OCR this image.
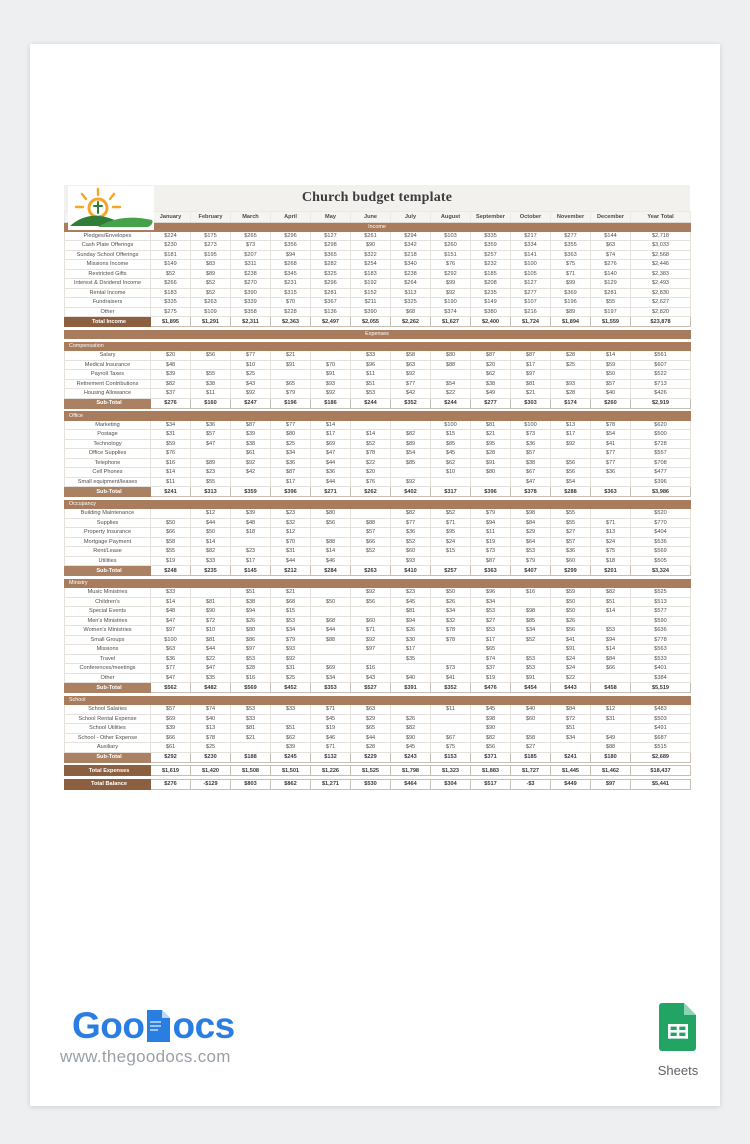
Church budget template
	January	February	March	April	May	June	July	August	September	October	November	December	Year Total
Income													
Pledges/Envelopes	$224	$175	$265	$296	$127	$261	$294	$103	$335	$217	$277	$144	$2,718
Cash Plate Offerings	$230	$273	$73	$356	$298	$90	$342	$260	$359	$334	$355	$63	$3,033
Sunday School Offerings	$181	$195	$207	$94	$365	$322	$218	$151	$257	$141	$363	$74	$2,568
Missions Income	$149	$83	$311	$268	$282	$254	$340	$76	$232	$100	$75	$276	$2,446
Restricted Gifts	$52	$89	$238	$345	$325	$183	$238	$292	$185	$105	$71	$140	$2,383
Interest & Dividend Income	$266	$52	$270	$231	$296	$192	$264	$99	$208	$127	$99	$129	$2,493
Rental Income	$183	$52	$390	$315	$281	$152	$113	$92	$235	$277	$369	$281	$2,830
Fundraisers	$335	$263	$339	$70	$367	$211	$325	$190	$149	$107	$196	$55	$2,627
Other	$275	$109	$358	$228	$136	$390	$68	$374	$380	$216	$89	$197	$2,820
Total Income	$1,895	$1,291	$2,311	$2,363	$2,497	$2,055	$2,262	$1,627	$2,400	$1,724	$1,894	$1,559	$23,878

Expenses													

Compensation													
Salary	$20	$56	$77	$21		$33	$58	$80	$87	$87	$28	$14	$561
Medical Insurance	$48		$10	$91	$70	$96	$63	$88	$20	$17	$25	$59	$607
Payroll Taxes	$39	$55	$25		$91	$11	$92		$62	$97		$50	$522
Retirement Contributions	$82	$38	$43	$65	$93	$51	$77	$54	$38	$81	$93	$57	$713
Housing Allowance	$37	$11	$92	$79	$92	$53	$42	$22	$49	$21	$28	$40	$426
Sub-Total	$276	$160	$247	$196	$186	$244	$352	$244	$277	$303	$174	$260	$2,919

Office													
Marketing	$34	$36	$87	$77	$14			$100	$81	$100	$13	$78	$620
Postage	$31	$57	$39	$80	$17	$14	$82	$15	$21	$73	$17	$54	$500
Technology	$59	$47	$38	$25	$69	$52	$89	$85	$95	$36	$92	$41	$728
Office Supplies	$76		$61	$34	$47	$78	$54	$45	$28	$57		$77	$557
Telephone	$16	$89	$92	$36	$44	$22	$85	$62	$91	$38	$56	$77	$708
Cell Phones	$14	$23	$42	$87	$36	$20		$10	$80	$67	$56	$36	$477
Small equipment/leases	$11	$55		$17	$44	$76	$92			$47	$54		$396
Sub-Total	$241	$313	$359	$396	$271	$262	$402	$317	$396	$378	$288	$363	$3,986

Occupancy													
Building Maintenance		$12	$39	$23	$80		$82	$52	$79	$98	$55		$520
Supplies	$50	$44	$48	$32	$56	$88	$77	$71	$94	$84	$55	$71	$770
Property Insurance	$66	$50	$18	$12		$57	$36	$95	$11	$29	$27	$13	$404
Mortgage Payment	$58	$14		$70	$88	$66	$52	$24	$19	$64	$57	$24	$536
Rent/Lease	$55	$82	$23	$31	$14	$52	$60	$15	$73	$53	$36	$75	$569
Utilities	$19	$33	$17	$44	$46		$93		$87	$79	$60	$18	$505
Sub-Total	$248	$235	$145	$212	$284	$263	$410	$257	$363	$407	$299	$201	$3,324

Ministry													
Music Ministries	$33		$51	$21		$92	$23	$50	$96	$16	$59	$82	$525
Children's	$14	$81	$38	$68	$50	$56	$45	$26	$34		$50	$51	$513
Special Events	$48	$90	$94	$15			$81	$34	$53	$98	$50	$14	$577
Men's Ministries	$47	$72	$26	$53	$68	$60	$94	$32	$27	$85	$26		$590
Women's Ministries	$97	$10	$80	$34	$44	$71	$26	$78	$53	$34	$56	$53	$636
Small Groups	$100	$81	$86	$79	$88	$92	$30	$78	$17	$52	$41	$94	$778
Missions	$63	$44	$97	$93		$97	$17		$65		$91	$14	$563
Travel	$36	$22	$53	$92			$35		$74	$53	$24	$84	$533
Conferences/meetings	$77	$47	$28	$31	$69	$16		$73	$37	$53	$24	$66	$401
Other	$47	$35	$16	$25	$34	$43	$40	$41	$19	$91	$22		$384
Sub-Total	$562	$482	$569	$452	$353	$527	$391	$352	$476	$454	$443	$458	$5,519

School													
School Salaries	$57	$74	$53	$33	$71	$63		$11	$45	$40	$84	$12	$483
School Rental Expense	$69	$40	$33		$45	$29	$26		$98	$60	$72	$31	$503
School Utilities	$39	$13	$81	$51	$19	$65	$82		$90		$51		$491
School - Other Expense	$66	$78	$21	$62	$46	$44	$90	$67	$82	$58	$34	$49	$687
Auxiliary	$61	$25		$39	$71	$28	$45	$75	$56	$27		$88	$515
Sub-Total	$292	$230	$188	$245	$132	$229	$243	$153	$371	$185	$241	$180	$2,689

Total Expenses	$1,619	$1,420	$1,508	$1,501	$1,226	$1,525	$1,798	$1,323	$1,883	$1,727	$1,445	$1,462	$18,437

Total Balance	$276	-$129	$803	$862	$1,271	$530	$464	$304	$517	-$3	$449	$97	$5,441
Goo ocs
www.thegoodocs.com
Sheets
